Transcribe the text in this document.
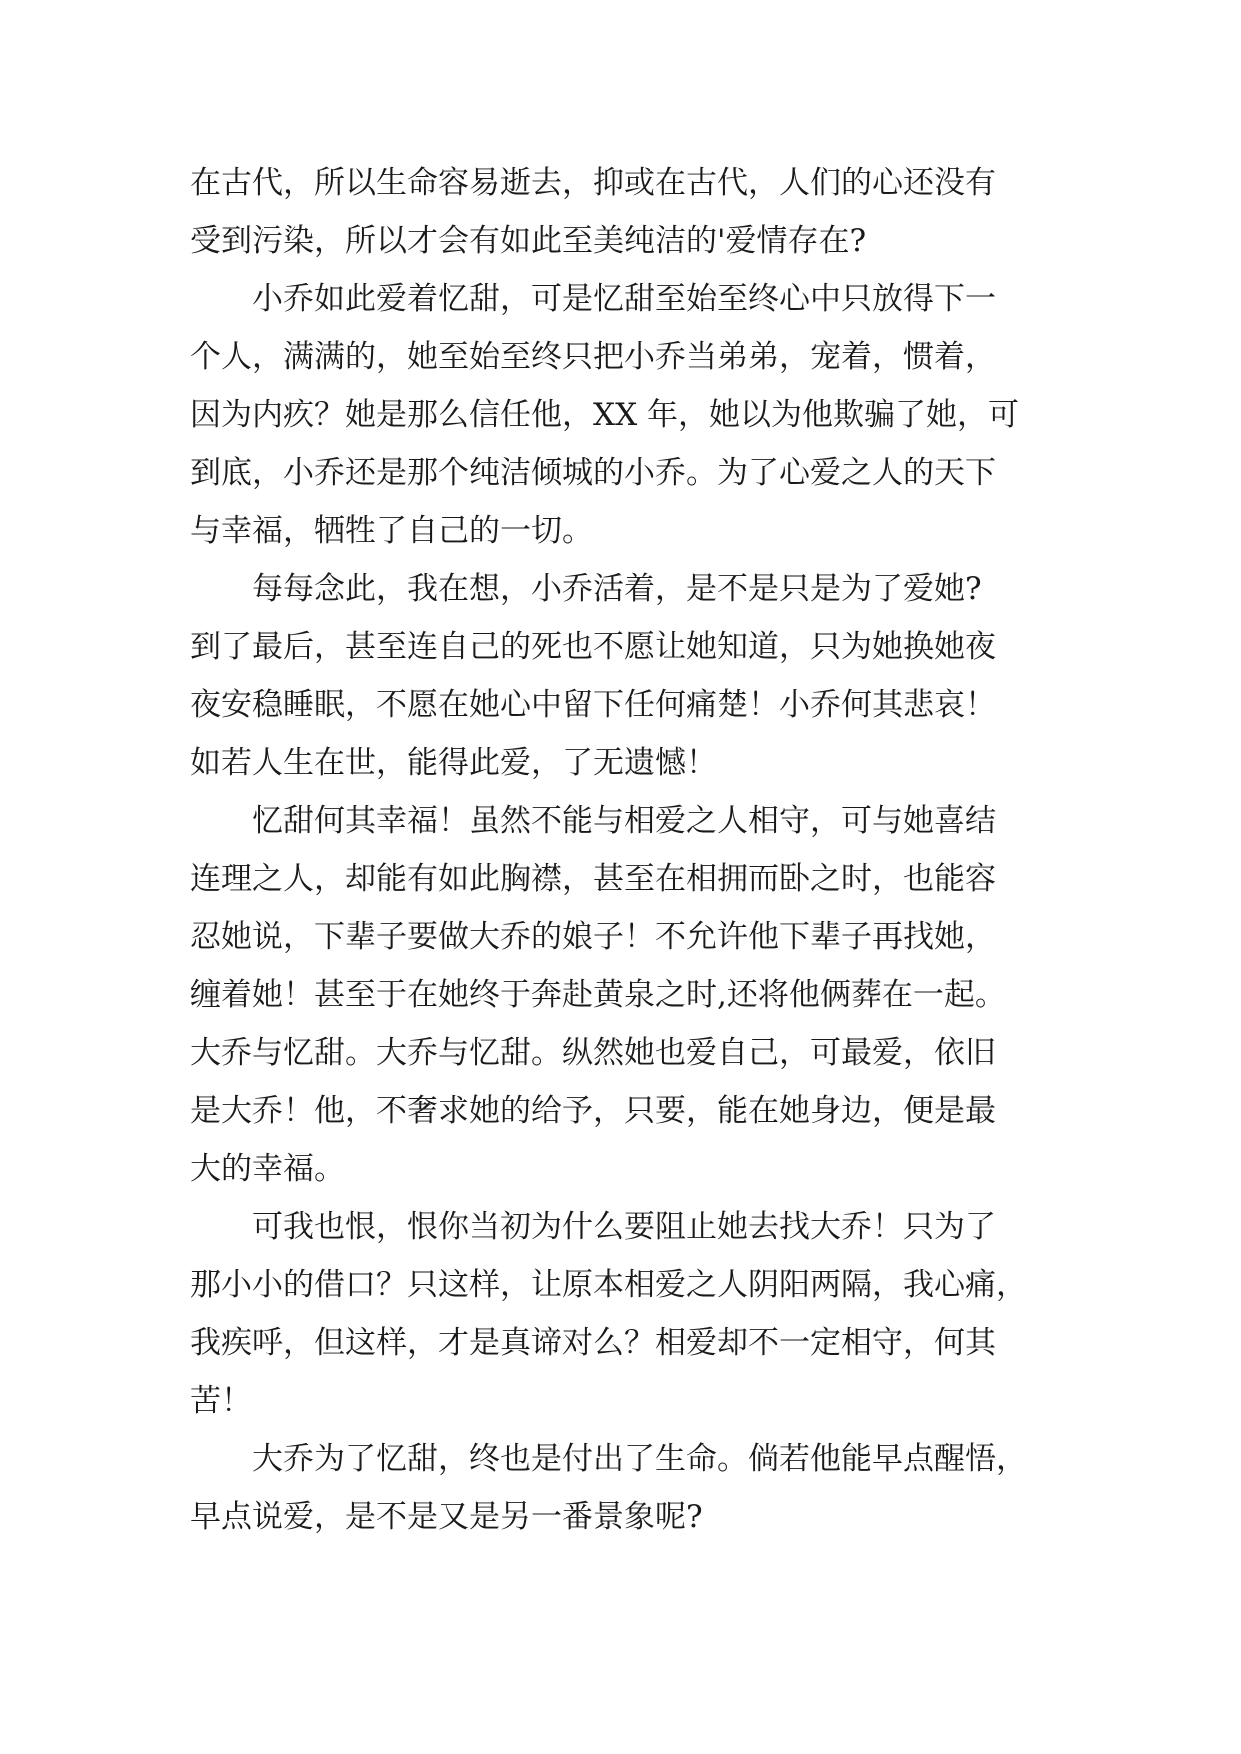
在古代，所以生命容易逝去，抑或在古代，人们的心还没有
受到污染，所以才会有如此至美纯洁的'爱情存在?

小乔如此爱着忆甜，可是忆甜至始至终心中只放得下一
个人，满满的，她至始至终只把小乔当弟弟，宠着，惯着，
因为内疚？她是那么信任他，XX 年，她以为他欺骗了她，可
到底，小乔还是那个纯洁倾城的小乔。为了心爱之人的天下
与幸福，牺牲了自己的一切。

每每念此，我在想，小乔活着，是不是只是为了爱她?
到了最后，甚至连自己的死也不愿让她知道，只为她换她夜
夜安稳睡眠，不愿在她心中留下任何痛楚！小乔何其悲哀！
如若人生在世，能得此爱，了无遗憾！

忆甜何其幸福！虽然不能与相爱之人相守，可与她喜结
连理之人，却能有如此胸襟，甚至在相拥而卧之时，也能容
忍她说，下辈子要做大乔的娘子！不允许他下辈子再找她，
缠着她！甚至于在她终于奔赴黄泉之时,还将他俩葬在一起。
大乔与忆甜。大乔与忆甜。纵然她也爱自己，可最爱，依旧
是大乔！他，不奢求她的给予，只要，能在她身边，便是最
大的幸福。

可我也恨，恨你当初为什么要阻止她去找大乔！只为了
那小小的借口？只这样，让原本相爱之人阴阳两隔，我心痛，
我疾呼，但这样，才是真谛对么？相爱却不一定相守，何其
苦！

大乔为了忆甜，终也是付出了生命。倘若他能早点醒悟，
早点说爱，是不是又是另一番景象呢?
